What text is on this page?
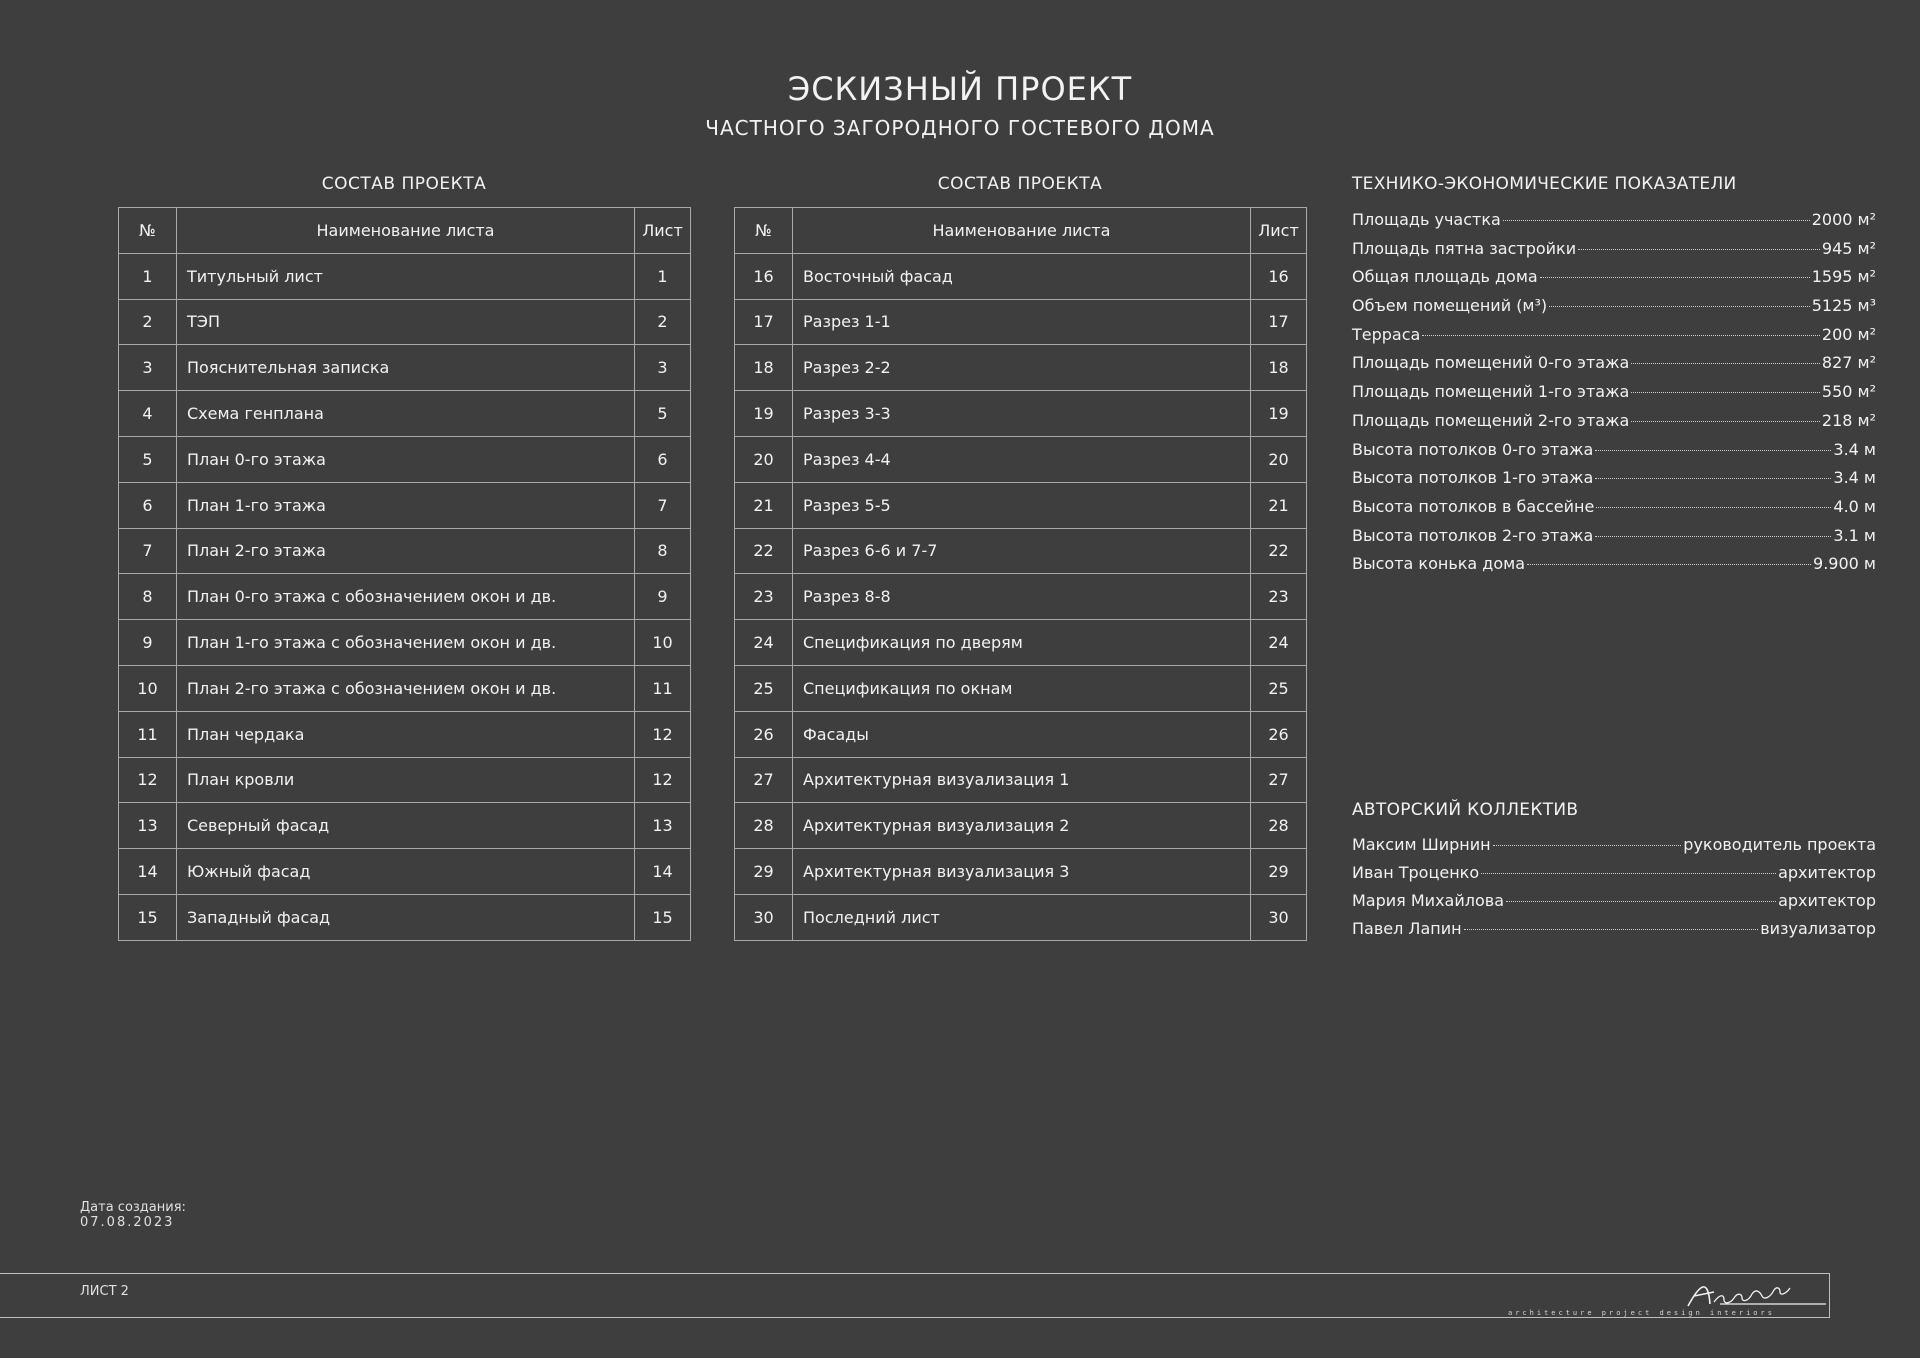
ЭСКИЗНЫЙ ПРОЕКТ
ЧАСТНОГО ЗАГОРОДНОГО ГОСТЕВОГО ДОМА
СОСТАВ ПРОЕКТА
№	Наименование листа	Лист
1	Титульный лист	1
2	ТЭП	2
3	Пояснительная записка	3
4	Схема генплана	5
5	План 0-го этажа	6
6	План 1-го этажа	7
7	План 2-го этажа	8
8	План 0-го этажа с обозначением окон и дв.	9
9	План 1-го этажа с обозначением окон и дв.	10
10	План 2-го этажа с обозначением окон и дв.	11
11	План чердака	12
12	План кровли	12
13	Северный фасад	13
14	Южный фасад	14
15	Западный фасад	15
СОСТАВ ПРОЕКТА
№	Наименование листа	Лист
16	Восточный фасад	16
17	Разрез 1-1	17
18	Разрез 2-2	18
19	Разрез 3-3	19
20	Разрез 4-4	20
21	Разрез 5-5	21
22	Разрез 6-6 и 7-7	22
23	Разрез 8-8	23
24	Спецификация по дверям	24
25	Спецификация по окнам	25
26	Фасады	26
27	Архитектурная визуализация 1	27
28	Архитектурная визуализация 2	28
29	Архитектурная визуализация 3	29
30	Последний лист	30
ТЕХНИКО-ЭКОНОМИЧЕСКИЕ ПОКАЗАТЕЛИ
Площадь участка	2000 м²
Площадь пятна застройки	945 м²
Общая площадь дома	1595 м²
Объем помещений (м³)	5125 м³
Терраса	200 м²
Площадь помещений 0-го этажа	827 м²
Площадь помещений 1-го этажа	550 м²
Площадь помещений 2-го этажа	218 м²
Высота потолков 0-го этажа	3.4 м
Высота потолков 1-го этажа	3.4 м
Высота потолков в бассейне	4.0 м
Высота потолков 2-го этажа	3.1 м
Высота конька дома	9.900 м
АВТОРСКИЙ КОЛЛЕКТИВ
Максим Ширнин	руководитель проекта
Иван Троценко	архитектор
Мария Михайлова	архитектор
Павел Лапин	визуализатор
Дата создания:
07.08.2023
ЛИСТ 2
architecture project design interiors
